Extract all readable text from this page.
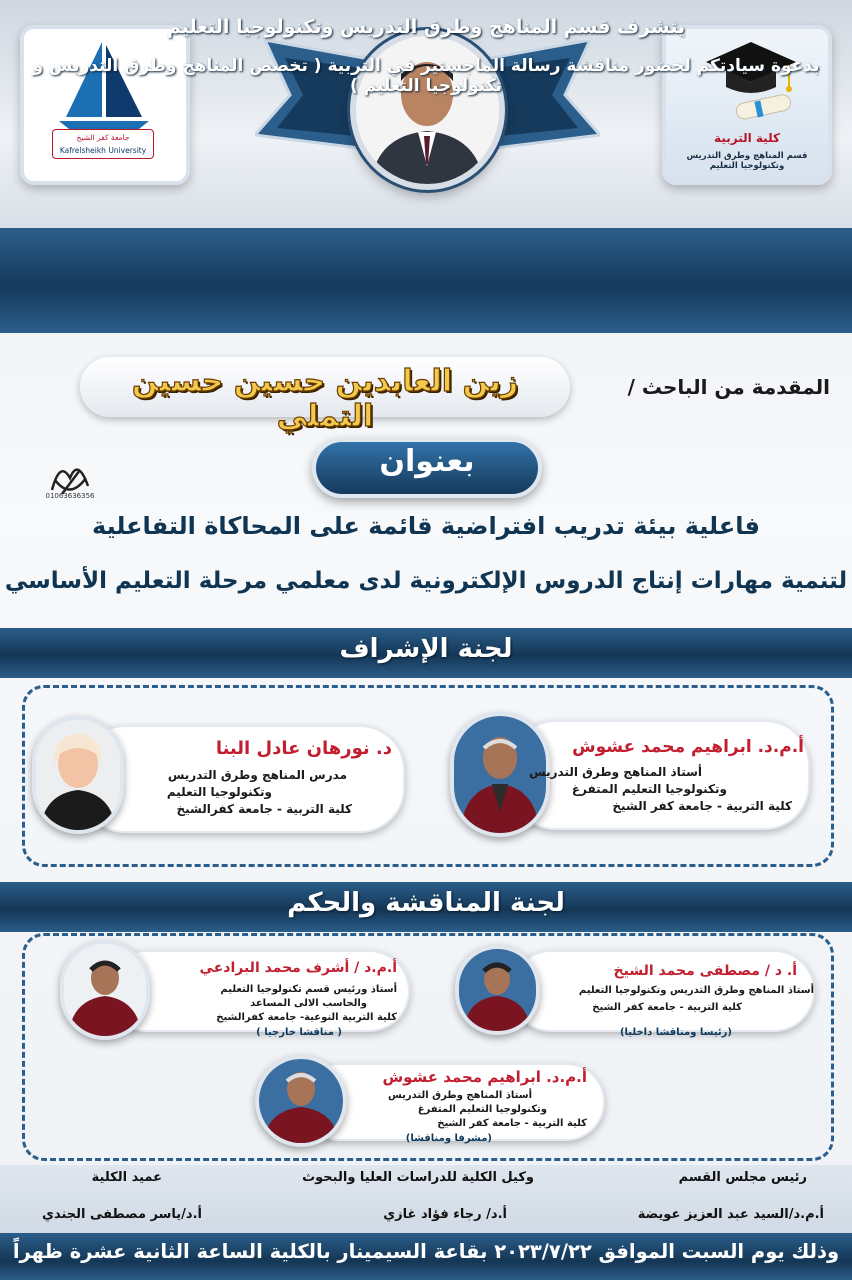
جامعة كفر الشيخ
Kafrelsheikh University
كلية التربية
قسم المناهج وطرق التدريس وتكنولوجيا التعليم
يتشرف قسم المناهج وطرق التدريس وتكنولوجيا التعليم
بدعوة سيادتكم لحضور مناقشة رسالة الماجستير في التربية ( تخصص المناهج وطرق التدريس و تكنولوجيا التعليم )
المقدمة من الباحث /
زين العابدين حسين حسين التملي
01063636356
بعنوان
فاعلية بيئة تدريب افتراضية قائمة على المحاكاة التفاعلية
لتنمية مهارات إنتاج الدروس الإلكترونية لدى معلمي مرحلة التعليم الأساسي
لجنة الإشراف
أ.م.د. ابراهيم محمد عشوش
أستاذ المناهج وطرق التدريس
وتكنولوجيا التعليم المتفرغ
كلية التربية - جامعة كفر الشيخ
د. نورهان عادل البنا
مدرس المناهج وطرق التدريس
وتكنولوجيا التعليم
كلية التربية - جامعة كفرالشيخ
لجنة المناقشة والحكم
أ. د / مصطفى محمد الشيخ
أستاذ المناهج وطرق التدريس وتكنولوجيا التعليم
كلية التربية - جامعة كفر الشيخ
(رئيسا ومناقشا داخليا)
أ.م.د / أشرف محمد البرادعي
أستاذ ورئيس قسم تكنولوجيا التعليم
والحاسب الالى المساعد
كلية التربية النوعية- جامعة كفرالشيخ
( مناقشا خارجيا )
أ.م.د. ابراهيم محمد عشوش
أستاذ المناهج وطرق التدريس
وتكنولوجيا التعليم المتفرغ
كلية التربية - جامعة كفر الشيخ
(مشرفا ومناقشا)
رئيس مجلس القسم
أ.م.د/السيد عبد العزيز عويضة
وكيل الكلية للدراسات العليا والبحوث
أ.د/ رجاء فؤاد غازي
عميد الكلية
أ.د/ياسر مصطفى الجندي
وذلك يوم السبت الموافق ٢٠٢٣/٧/٢٢ بقاعة السيمينار بالكلية الساعة الثانية عشرة ظهراً
